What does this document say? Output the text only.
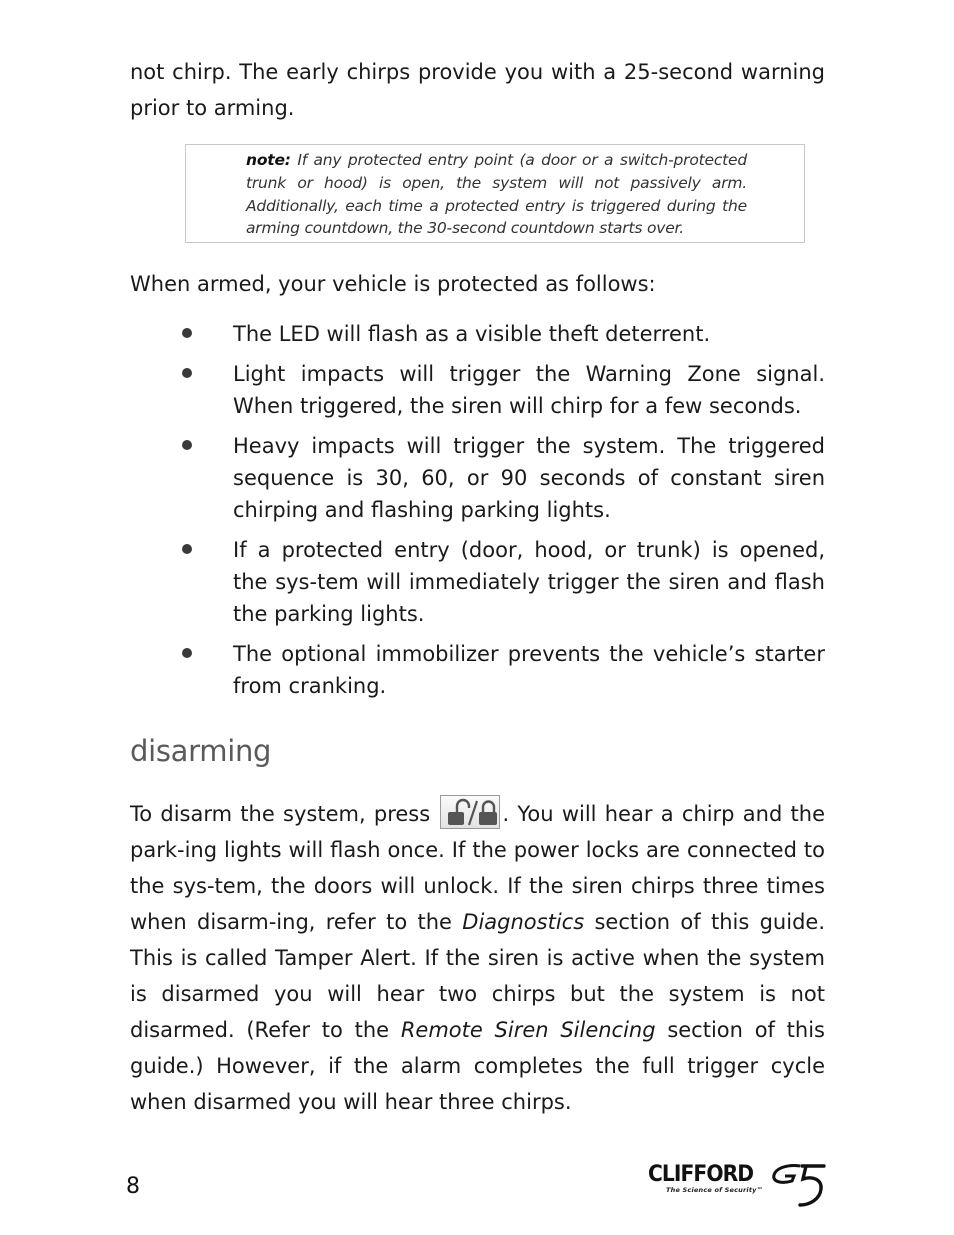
not chirp. The early chirps provide you with a 25-second warning prior to arming.

note: If any protected entry point (a door or a switch-protected trunk or hood) is open, the system will not passively arm. Additionally, each time a protected entry is triggered during the arming countdown, the 30-second countdown starts over.

When armed, your vehicle is protected as follows:

The LED will flash as a visible theft deterrent.
Light impacts will trigger the Warning Zone signal. When triggered, the siren will chirp for a few seconds.
Heavy impacts will trigger the system. The triggered sequence is 30, 60, or 90 seconds of constant siren chirping and flashing parking lights.
If a protected entry (door, hood, or trunk) is opened, the sys-tem will immediately trigger the siren and flash the parking lights.
The optional immobilizer prevents the vehicle’s starter from cranking.
disarming

To disarm the system, press	. You will hear a chirp and the park-ing lights will flash once. If the power locks are connected to the sys-tem, the doors will unlock. If the siren chirps three times when disarm-ing, refer to the Diagnostics section of this guide. This is called Tamper Alert. If the siren is active when the system is disarmed you will hear two chirps but the system is not disarmed. (Refer to the Remote Siren Silencing section of this guide.) However, if the alarm completes the full trigger cycle when disarmed you will hear three chirps.

8	CLIFFORD
The Science of Security™
